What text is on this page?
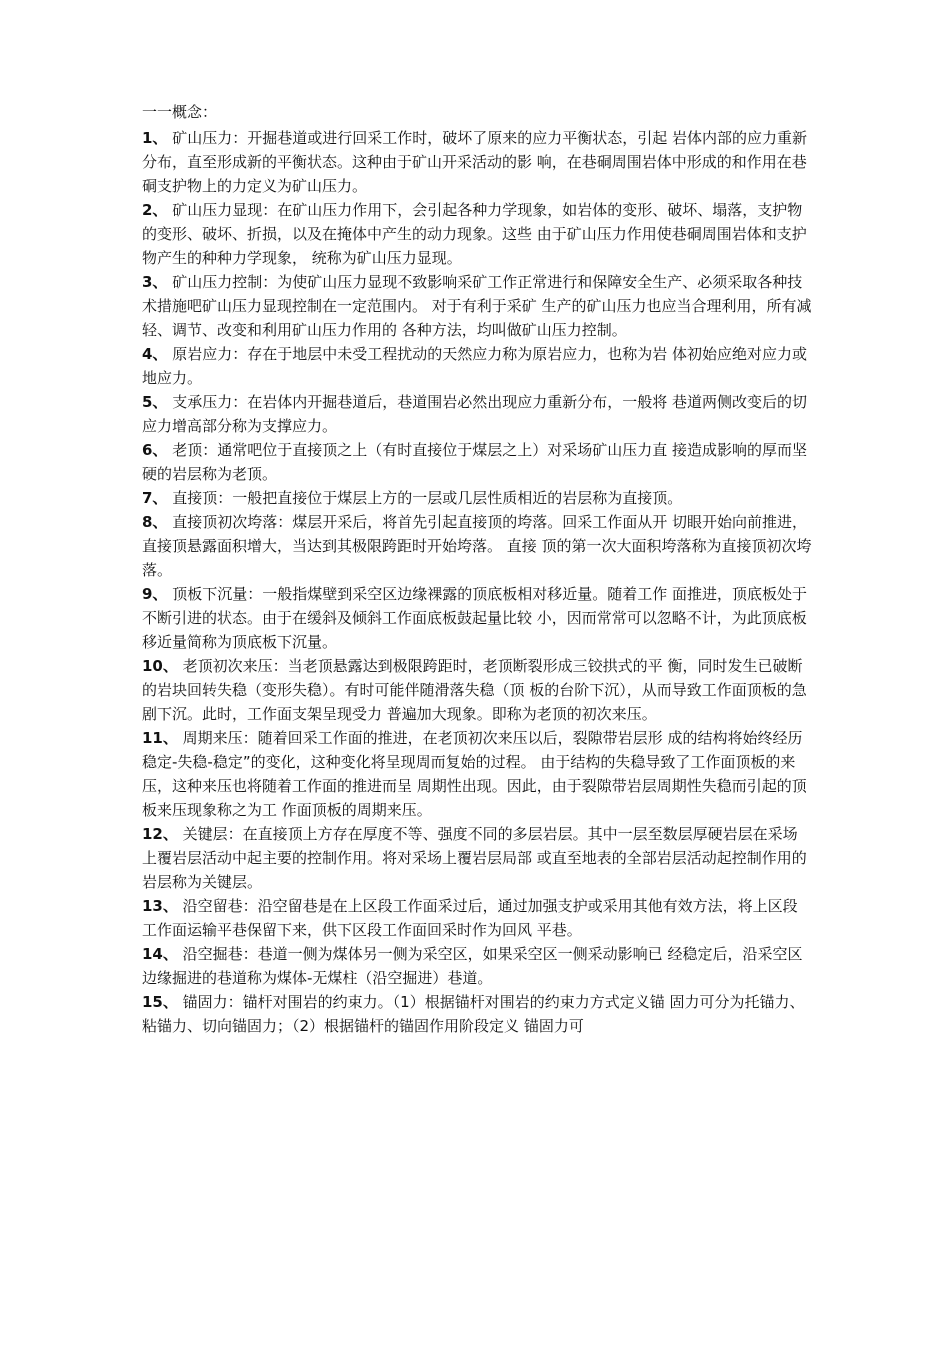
一一概念：

1、 矿山压力：开掘巷道或进行回采工作时，破坏了原来的应力平衡状态，引起 岩体内部的应力重新分布，直至形成新的平衡状态。这种由于矿山开采活动的影 响，在巷硐周围岩体中形成的和作用在巷硐支护物上的力定义为矿山压力。

2、 矿山压力显现：在矿山压力作用下，会引起各种力学现象，如岩体的变形、破坏、塌落，支护物的变形、破坏、折损，以及在掩体中产生的动力现象。这些 由于矿山压力作用使巷硐周围岩体和支护物产生的种种力学现象， 统称为矿山压力显现。

3、 矿山压力控制：为使矿山压力显现不致影响采矿工作正常进行和保障安全生产、必须采取各种技术措施吧矿山压力显现控制在一定范围内。 对于有利于采矿 生产的矿山压力也应当合理利用，所有减轻、调节、改变和利用矿山压力作用的 各种方法，均叫做矿山压力控制。

4、 原岩应力：存在于地层中未受工程扰动的天然应力称为原岩应力，也称为岩 体初始应绝对应力或地应力。

5、 支承压力：在岩体内开掘巷道后，巷道围岩必然出现应力重新分布，一般将 巷道两侧改变后的切应力增高部分称为支撑应力。

6、 老顶：通常吧位于直接顶之上（有时直接位于煤层之上）对采场矿山压力直 接造成影响的厚而坚硬的岩层称为老顶。

7、 直接顶：一般把直接位于煤层上方的一层或几层性质相近的岩层称为直接顶。

8、 直接顶初次垮落：煤层开采后，将首先引起直接顶的垮落。回采工作面从开 切眼开始向前推进，直接顶悬露面积增大，当达到其极限跨距时开始垮落。 直接 顶的第一次大面积垮落称为直接顶初次垮落。

9、 顶板下沉量：一般指煤壁到采空区边缘裸露的顶底板相对移近量。随着工作 面推进，顶底板处于不断引进的状态。由于在缓斜及倾斜工作面底板鼓起量比较 小，因而常常可以忽略不计，为此顶底板移近量简称为顶底板下沉量。

10、 老顶初次来压：当老顶悬露达到极限跨距时，老顶断裂形成三铰拱式的平 衡，同时发生已破断的岩块回转失稳（变形失稳）。有时可能伴随滑落失稳（顶 板的台阶下沉），从而导致工作面顶板的急剧下沉。此时，工作面支架呈现受力 普遍加大现象。即称为老顶的初次来压。

11、 周期来压：随着回采工作面的推进，在老顶初次来压以后，裂隙带岩层形 成的结构将始终经历 稳定-失稳-稳定”的变化，这种变化将呈现周而复始的过程。 由于结构的失稳导致了工作面顶板的来压，这种来压也将随着工作面的推进而呈 周期性出现。因此，由于裂隙带岩层周期性失稳而引起的顶板来压现象称之为工 作面顶板的周期来压。

12、 关键层：在直接顶上方存在厚度不等、强度不同的多层岩层。其中一层至数层厚硬岩层在采场上覆岩层活动中起主要的控制作用。将对采场上覆岩层局部 或直至地表的全部岩层活动起控制作用的岩层称为关键层。

13、 沿空留巷：沿空留巷是在上区段工作面采过后，通过加强支护或采用其他有效方法，将上区段工作面运输平巷保留下来，供下区段工作面回采时作为回风 平巷。

14、 沿空掘巷：巷道一侧为煤体另一侧为采空区，如果采空区一侧采动影响已 经稳定后，沿采空区边缘掘进的巷道称为煤体-无煤柱（沿空掘进）巷道。

15、 锚固力：锚杆对围岩的约束力。（1）根据锚杆对围岩的约束力方式定义锚 固力可分为托锚力、粘锚力、切向锚固力；（2）根据锚杆的锚固作用阶段定义 锚固力可
